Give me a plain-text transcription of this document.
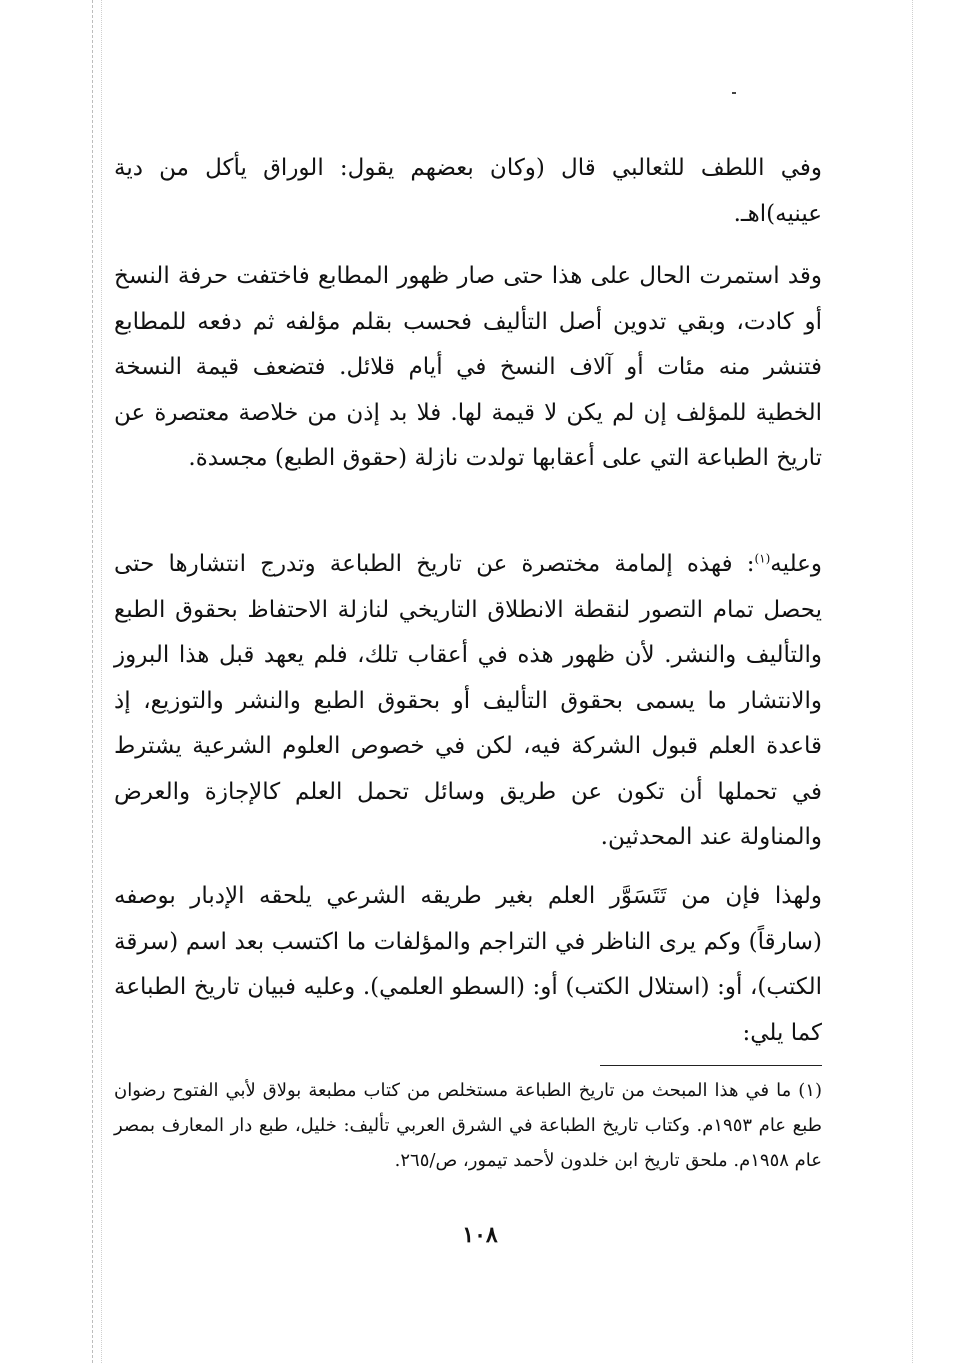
وفي اللطف للثعالبي قال (وكان بعضهم يقول: الوراق يأكل من دية عينيه)اهـ.

وقد استمرت الحال على هذا حتى صار ظهور المطابع فاختفت حرفة النسخ أو كادت، وبقي تدوين أصل التأليف فحسب بقلم مؤلفه ثم دفعه للمطابع فتنشر منه مئات أو آلاف النسخ في أيام قلائل. فتضعف قيمة النسخة الخطية للمؤلف إن لم يكن لا قيمة لها. فلا بد إذن من خلاصة معتصرة عن تاريخ الطباعة التي على أعقابها تولدت نازلة (حقوق الطبع) مجسدة.

وعليه$^{(١)}$: فهذه إلمامة مختصرة عن تاريخ الطباعة وتدرج انتشارها حتى يحصل تمام التصور لنقطة الانطلاق التاريخي لنازلة الاحتفاظ بحقوق الطبع والتأليف والنشر. لأن ظهور هذه في أعقاب تلك، فلم يعهد قبل هذا البروز والانتشار ما يسمى بحقوق التأليف أو بحقوق الطبع والنشر والتوزيع، إذ قاعدة العلم قبول الشركة فيه، لكن في خصوص العلوم الشرعية يشترط في تحملها أن تكون عن طريق وسائل تحمل العلم كالإجازة والعرض والمناولة عند المحدثين.

ولهذا فإن من تَتَسَوَّر العلم بغير طريقه الشرعي يلحقه الإدبار بوصفه (سارقاً) وكم يرى الناظر في التراجم والمؤلفات ما اكتسب بعد اسم (سرقة الكتب)، أو: (استلال الكتب) أو: (السطو العلمي). وعليه فبيان تاريخ الطباعة كما يلي:

(١) ما في هذا المبحث من تاريخ الطباعة مستخلص من كتاب مطبعة بولاق لأبي الفتوح رضوان طبع عام ١٩٥٣م. وكتاب تاريخ الطباعة في الشرق العربي تأليف: خليل، طبع دار المعارف بمصر عام ١٩٥٨م. ملحق تاريخ ابن خلدون لأحمد تيمور، ص/٢٦٥.

١٠٨
